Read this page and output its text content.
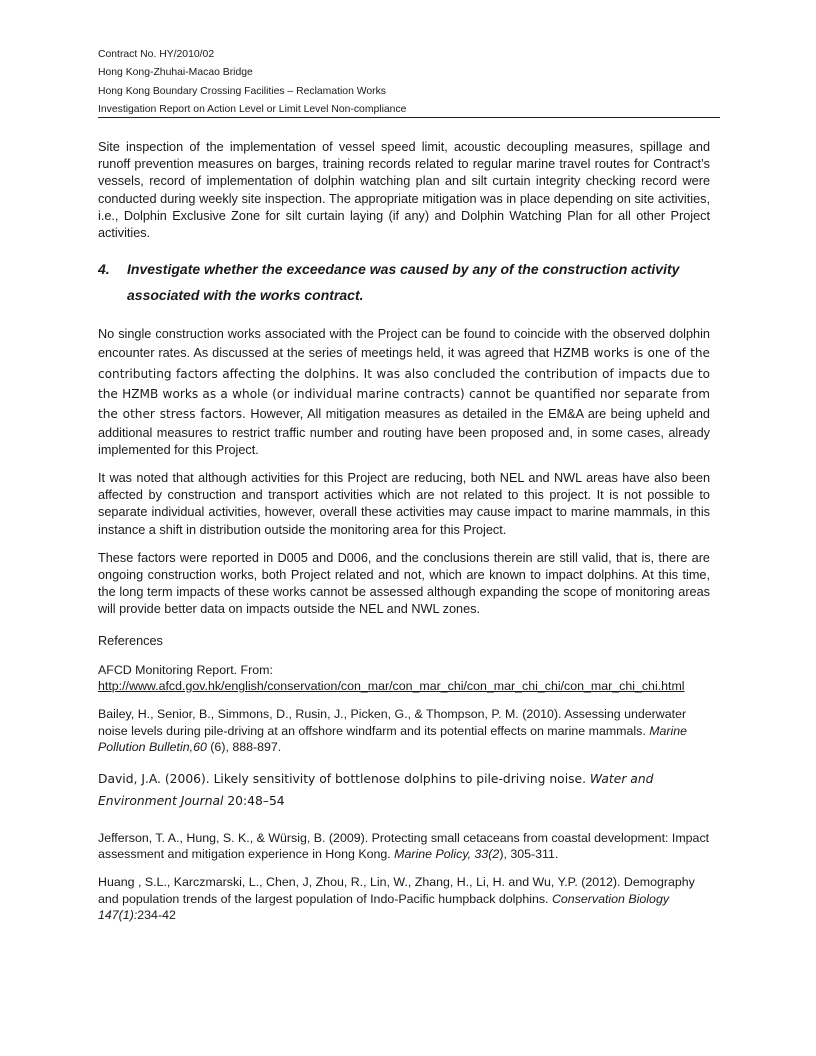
Contract No. HY/2010/02
Hong Kong-Zhuhai-Macao Bridge
Hong Kong Boundary Crossing Facilities – Reclamation Works
Investigation Report on Action Level or Limit Level Non-compliance

Site inspection of the implementation of vessel speed limit, acoustic decoupling measures, spillage and runoff prevention measures on barges, training records related to regular marine travel routes for Contract’s vessels, record of implementation of dolphin watching plan and silt curtain integrity checking record were conducted during weekly site inspection. The appropriate mitigation was in place depending on site activities, i.e., Dolphin Exclusive Zone for silt curtain laying (if any) and Dolphin Watching Plan for all other Project activities.

4. Investigate whether the exceedance was caused by any of the construction activity associated with the works contract.

No single construction works associated with the Project can be found to coincide with the observed dolphin encounter rates. As discussed at the series of meetings held, it was agreed that HZMB works is one of the contributing factors affecting the dolphins. It was also concluded the contribution of impacts due to the HZMB works as a whole (or individual marine contracts) cannot be quantified nor separate from the other stress factors. However, All mitigation measures as detailed in the EM&A are being upheld and additional measures to restrict traffic number and routing have been proposed and, in some cases, already implemented for this Project.

It was noted that although activities for this Project are reducing, both NEL and NWL areas have also been affected by construction and transport activities which are not related to this project. It is not possible to separate individual activities, however, overall these activities may cause impact to marine mammals, in this instance a shift in distribution outside the monitoring area for this Project.

These factors were reported in D005 and D006, and the conclusions therein are still valid, that is, there are ongoing construction works, both Project related and not, which are known to impact dolphins. At this time, the long term impacts of these works cannot be assessed although expanding the scope of monitoring areas will provide better data on impacts outside the NEL and NWL zones.

References

AFCD Monitoring Report. From:
http://www.afcd.gov.hk/english/conservation/con_mar/con_mar_chi/con_mar_chi_chi/con_mar_chi_chi.html

Bailey, H., Senior, B., Simmons, D., Rusin, J., Picken, G., & Thompson, P. M. (2010). Assessing underwater noise levels during pile-driving at an offshore windfarm and its potential effects on marine mammals. Marine Pollution Bulletin,60 (6), 888-897.

David, J.A. (2006). Likely sensitivity of bottlenose dolphins to pile-driving noise. Water and Environment Journal 20:48–54

Jefferson, T. A., Hung, S. K., & Würsig, B. (2009). Protecting small cetaceans from coastal development: Impact assessment and mitigation experience in Hong Kong. Marine Policy, 33(2), 305-311.

Huang , S.L., Karczmarski, L., Chen, J, Zhou, R., Lin, W., Zhang, H., Li, H. and Wu, Y.P. (2012). Demography and population trends of the largest population of Indo-Pacific humpback dolphins. Conservation Biology 147(1):234-42
